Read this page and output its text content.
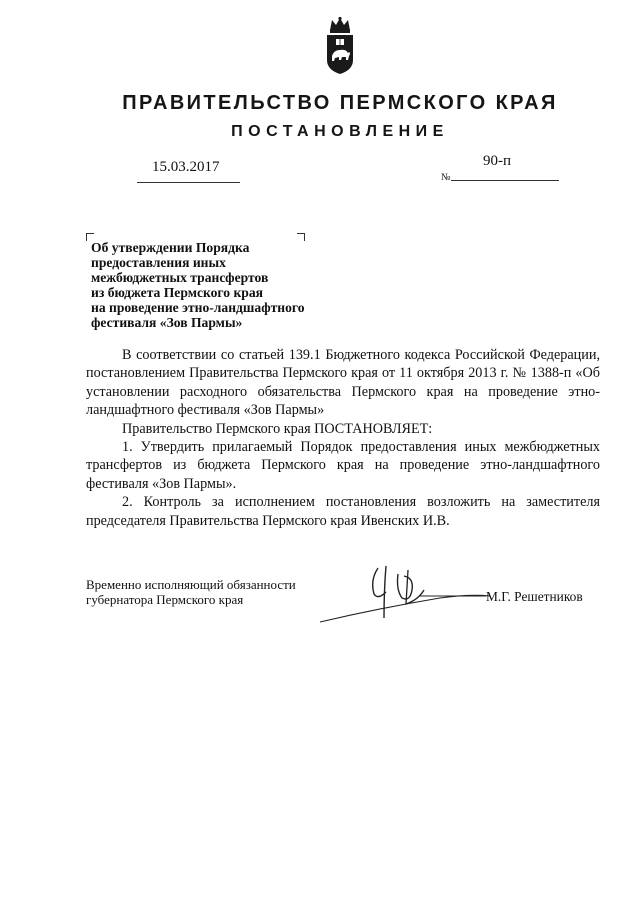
ПРАВИТЕЛЬСТВО ПЕРМСКОГО КРАЯ
ПОСТАНОВЛЕНИЕ
15.03.2017	90-п
№
Об утверждении Порядка
предоставления иных
межбюджетных трансфертов
из бюджета Пермского края
на проведение этно-ландшафтного
фестиваля «Зов Пармы»

В соответствии со статьей 139.1 Бюджетного кодекса Российской Федерации, постановлением Правительства Пермского края от 11 октября 2013 г. № 1388-п «Об установлении расходного обязательства Пермского края на проведение этно-ландшафтного фестиваля «Зов Пармы»

Правительство Пермского края ПОСТАНОВЛЯЕТ:

1. Утвердить прилагаемый Порядок предоставления иных межбюджетных трансфертов из бюджета Пермского края на проведение этно-ландшафтного фестиваля «Зов Пармы».

2. Контроль за исполнением постановления возложить на заместителя председателя Правительства Пермского края Ивенских И.В.

Временно исполняющий обязанности
губернатора Пермского края	М.Г. Решетников
